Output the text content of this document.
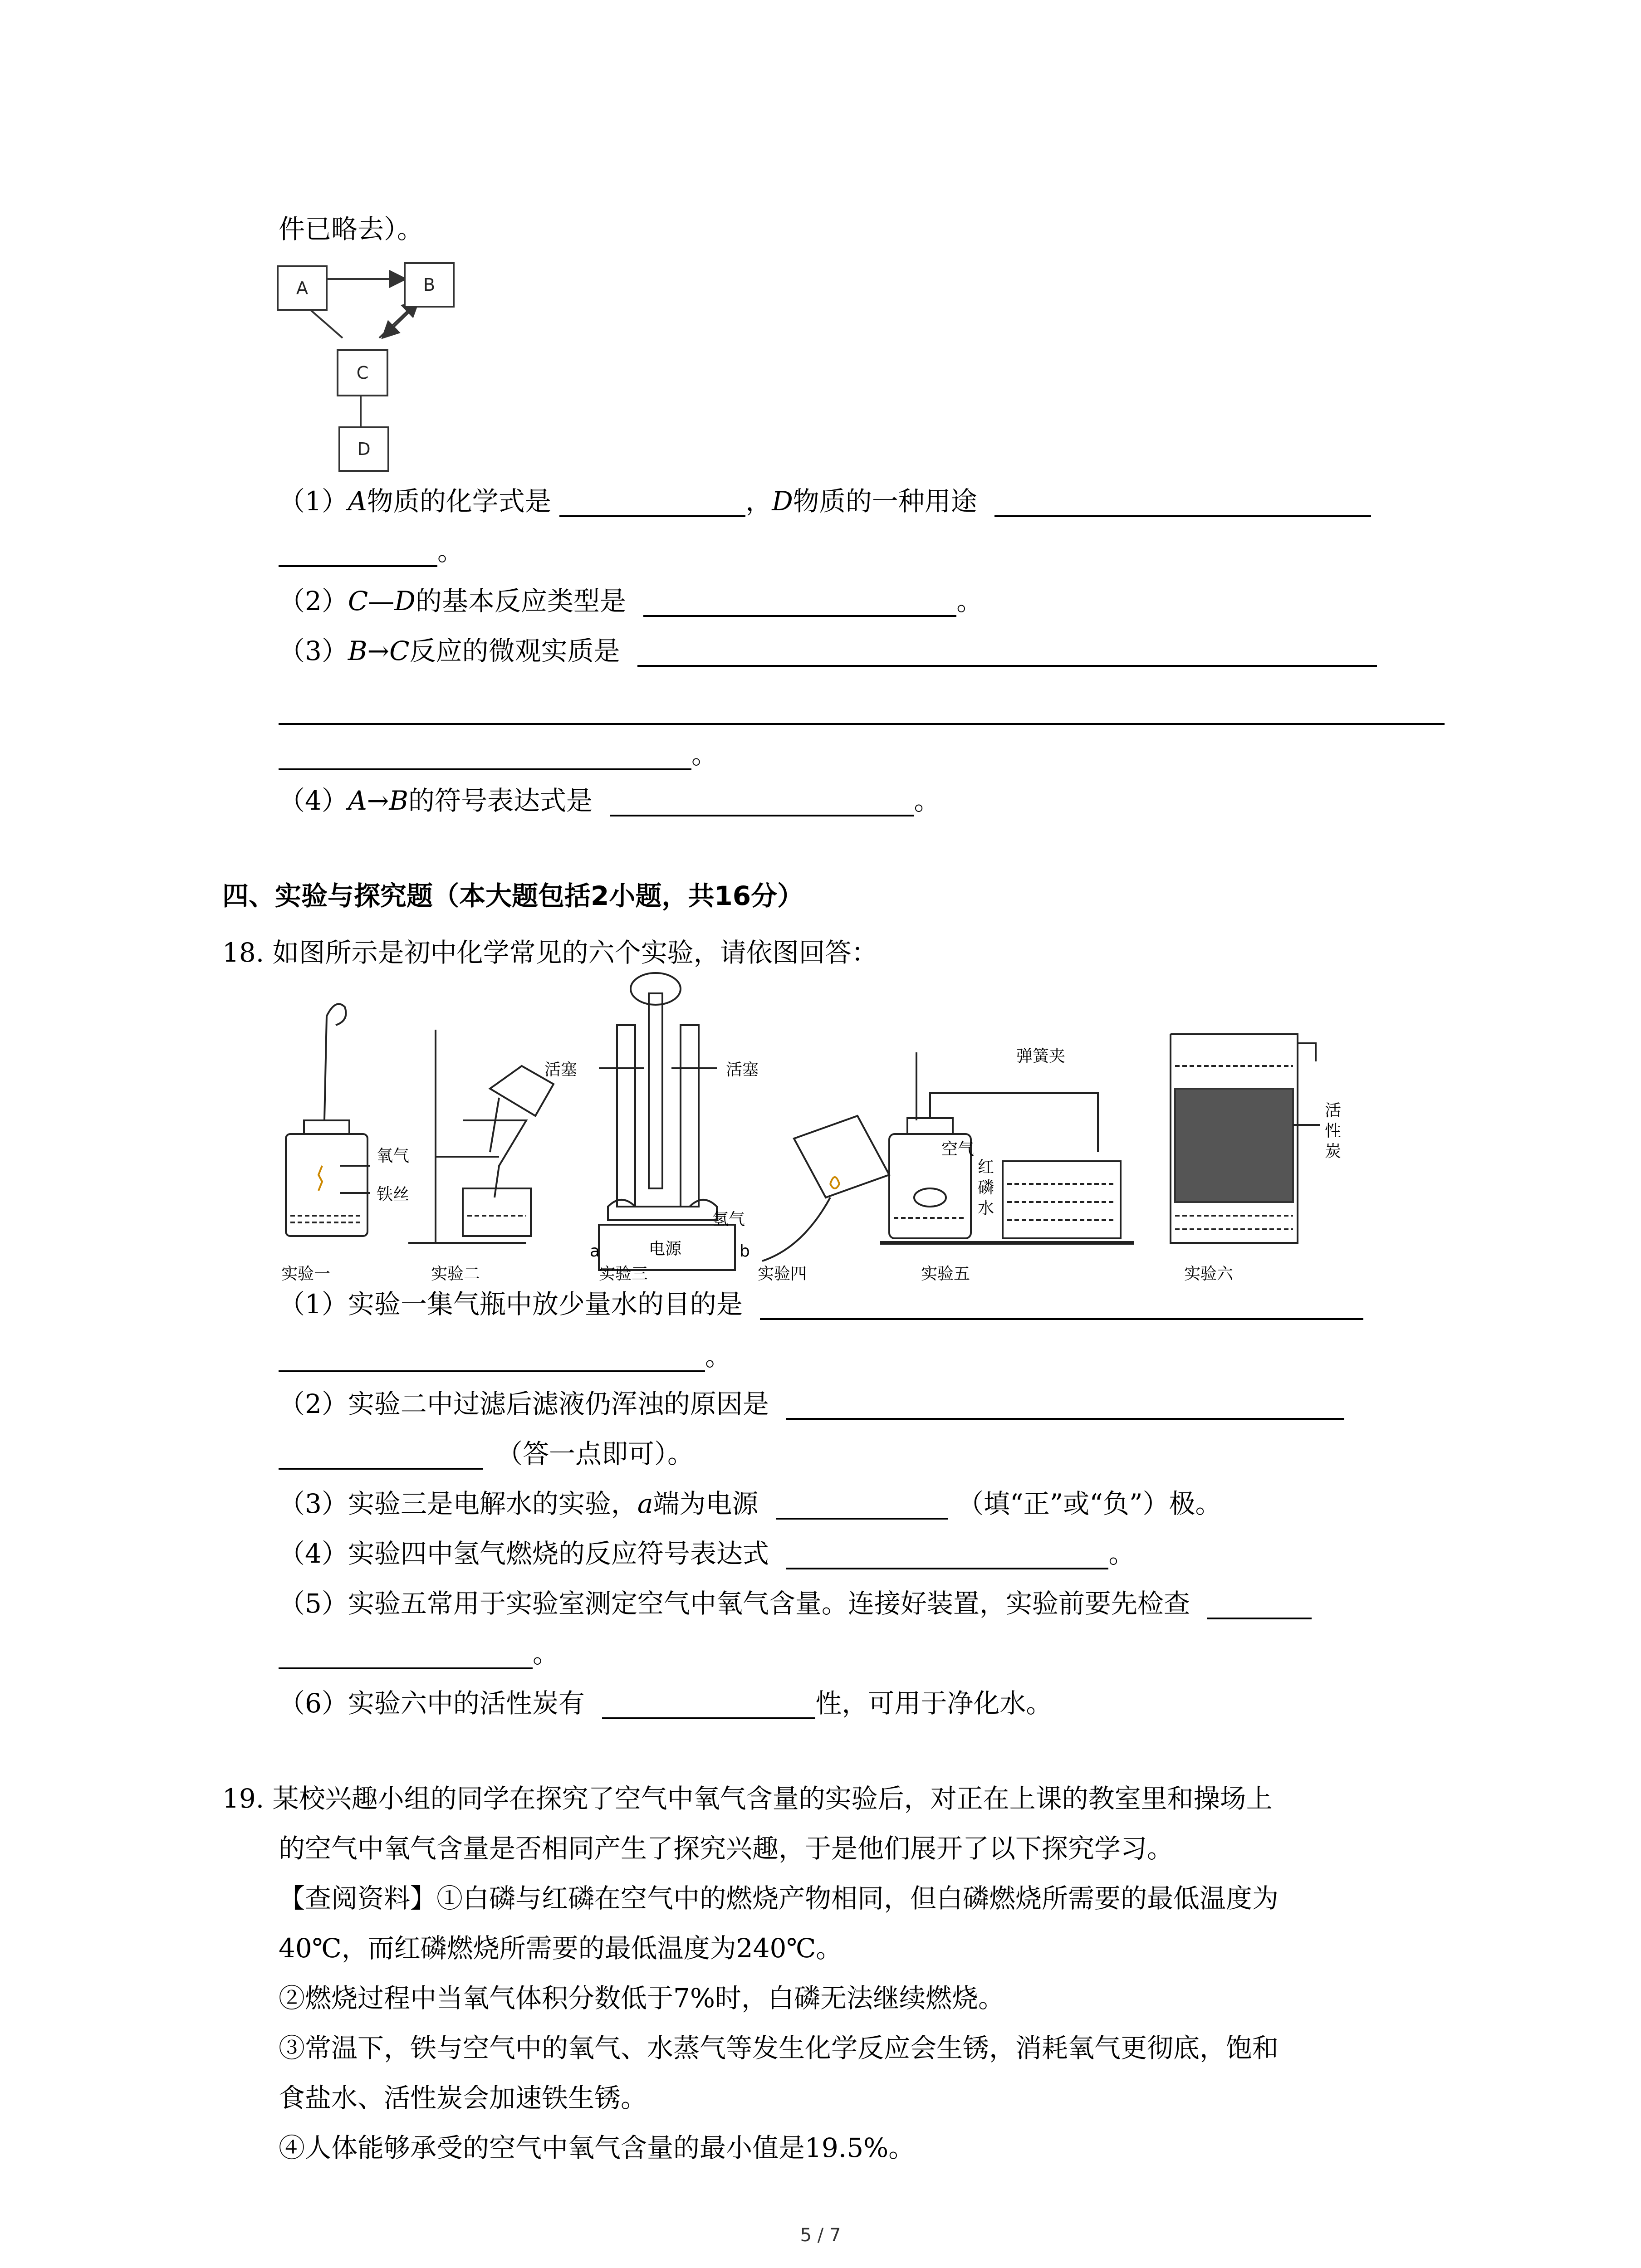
件已略去）。
A	B
C
D
（1）A物质的化学式是	，D物质的一种用途
。
（2）C—D的基本反应类型是	。
（3）B→C反应的微观实质是
。
（4）A→B的符号表达式是	。
四、实验与探究题（本大题包括2小题，共16分）
18. 如图所示是初中化学常见的六个实验，请依图回答：
氧气
铁丝
实验一	实验二
活塞	活塞
a	b
电源
实验三
氢气
实验四
弹簧夹
空气
红
磷
水
实验五
活
性
炭
实验六
（1）实验一集气瓶中放少量水的目的是
。
（2）实验二中过滤后滤液仍浑浊的原因是
（答一点即可）。
（3）实验三是电解水的实验，a端为电源	（填“正”或“负”）极。
（4）实验四中氢气燃烧的反应符号表达式	。
（5）实验五常用于实验室测定空气中氧气含量。连接好装置，实验前要先检查
。
（6）实验六中的活性炭有	性，可用于净化水。
19. 某校兴趣小组的同学在探究了空气中氧气含量的实验后，对正在上课的教室里和操场上
的空气中氧气含量是否相同产生了探究兴趣，于是他们展开了以下探究学习。
【查阅资料】①白磷与红磷在空气中的燃烧产物相同，但白磷燃烧所需要的最低温度为
40℃，而红磷燃烧所需要的最低温度为240℃。
②燃烧过程中当氧气体积分数低于7%时，白磷无法继续燃烧。
③常温下，铁与空气中的氧气、水蒸气等发生化学反应会生锈，消耗氧气更彻底，饱和
食盐水、活性炭会加速铁生锈。
④人体能够承受的空气中氧气含量的最小值是19.5%。
5 / 7
